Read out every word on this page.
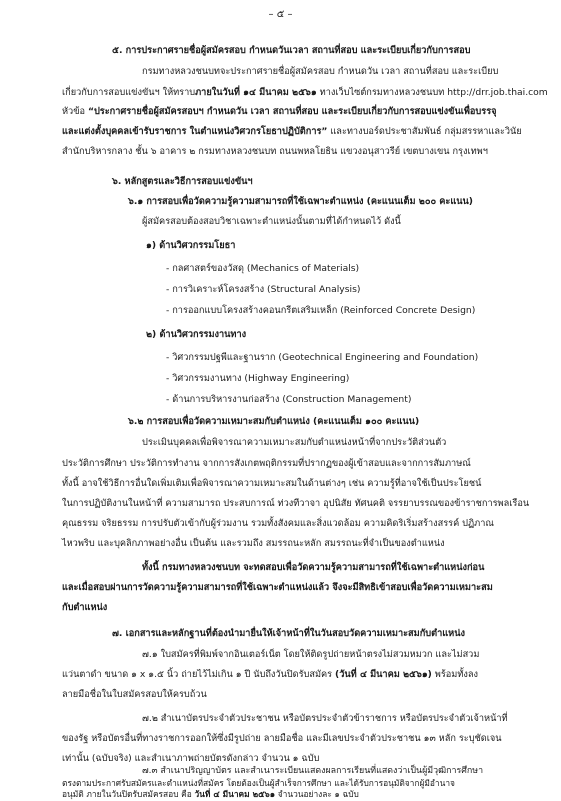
– ๕ –
๕. การประกาศรายชื่อผู้สมัครสอบ กำหนดวันเวลา สถานที่สอบ และระเบียบเกี่ยวกับการสอบ
กรมทางหลวงชนบทจะประกาศรายชื่อผู้สมัครสอบ กำหนดวัน เวลา สถานที่สอบ และระเบียบ
เกี่ยวกับการสอบแข่งขันฯ ให้ทราบภายในวันที่ ๑๔ มีนาคม ๒๕๖๑ ทางเว็บไซต์กรมทางหลวงชนบท http://drr.job.thai.com
หัวข้อ “ประกาศรายชื่อผู้สมัครสอบฯ กำหนดวัน เวลา สถานที่สอบ และระเบียบเกี่ยวกับการสอบแข่งขันเพื่อบรรจุ
และแต่งตั้งบุคคลเข้ารับราชการ ในตำแหน่งวิศวกรโยธาปฏิบัติการ” และทางบอร์ดประชาสัมพันธ์ กลุ่มสรรหาและวินัย
สำนักบริหารกลาง ชั้น ๖ อาคาร ๒ กรมทางหลวงชนบท ถนนพหลโยธิน แขวงอนุสาวรีย์ เขตบางเขน กรุงเทพฯ
๖. หลักสูตรและวิธีการสอบแข่งขันฯ
๖.๑ การสอบเพื่อวัดความรู้ความสามารถที่ใช้เฉพาะตำแหน่ง (คะแนนเต็ม ๒๐๐ คะแนน)
ผู้สมัครสอบต้องสอบวิชาเฉพาะตำแหน่งนั้นตามที่ได้กำหนดไว้ ดังนี้
๑) ด้านวิศวกรรมโยธา
- กลศาสตร์ของวัสดุ (Mechanics of Materials)
- การวิเคราะห์โครงสร้าง (Structural Analysis)
- การออกแบบโครงสร้างคอนกรีตเสริมเหล็ก (Reinforced Concrete Design)
๒) ด้านวิศวกรรมงานทาง
- วิศวกรรมปฐพีและฐานราก (Geotechnical Engineering and Foundation)
- วิศวกรรมงานทาง (Highway Engineering)
- ด้านการบริหารงานก่อสร้าง (Construction Management)
๖.๒ การสอบเพื่อวัดความเหมาะสมกับตำแหน่ง (คะแนนเต็ม ๑๐๐ คะแนน)
ประเมินบุคคลเพื่อพิจารณาความเหมาะสมกับตำแหน่งหน้าที่จากประวัติส่วนตัว
ประวัติการศึกษา ประวัติการทำงาน จากการสังเกตพฤติกรรมที่ปรากฏของผู้เข้าสอบและจากการสัมภาษณ์
ทั้งนี้ อาจใช้วิธีการอื่นใดเพิ่มเติมเพื่อพิจารณาความเหมาะสมในด้านต่างๆ เช่น ความรู้ที่อาจใช้เป็นประโยชน์
ในการปฏิบัติงานในหน้าที่ ความสามารถ ประสบการณ์ ท่วงทีวาจา อุปนิสัย ทัศนคติ จรรยาบรรณของข้าราชการพลเรือน
คุณธรรม จริยธรรม การปรับตัวเข้ากับผู้ร่วมงาน รวมทั้งสังคมและสิ่งแวดล้อม ความคิดริเริ่มสร้างสรรค์ ปฏิภาณ
ไหวพริบ และบุคลิกภาพอย่างอื่น เป็นต้น และรวมถึง สมรรถนะหลัก สมรรถนะที่จำเป็นของตำแหน่ง
ทั้งนี้ กรมทางหลวงชนบท จะทดสอบเพื่อวัดความรู้ความสามารถที่ใช้เฉพาะตำแหน่งก่อน
และเมื่อสอบผ่านการวัดความรู้ความสามารถที่ใช้เฉพาะตำแหน่งแล้ว จึงจะมีสิทธิเข้าสอบเพื่อวัดความเหมาะสม
กับตำแหน่ง
๗. เอกสารและหลักฐานที่ต้องนำมายื่นให้เจ้าหน้าที่ในวันสอบวัดความเหมาะสมกับตำแหน่ง
๗.๑ ใบสมัครที่พิมพ์จากอินเตอร์เน็ต โดยให้ติดรูปถ่ายหน้าตรงไม่สวมหมวก และไม่สวม
แว่นตาดำ ขนาด ๑ x ๑.๕ นิ้ว ถ่ายไว้ไม่เกิน ๑ ปี นับถึงวันปิดรับสมัคร (วันที่ ๔ มีนาคม ๒๕๖๑) พร้อมทั้งลง
ลายมือชื่อในใบสมัครสอบให้ครบถ้วน
๗.๒ สำเนาบัตรประจำตัวประชาชน หรือบัตรประจำตัวข้าราชการ หรือบัตรประจำตัวเจ้าหน้าที่
ของรัฐ หรือบัตรอื่นที่ทางราชการออกให้ซึ่งมีรูปถ่าย ลายมือชื่อ และมีเลขประจำตัวประชาชน ๑๓ หลัก ระบุชัดเจน
เท่านั้น (ฉบับจริง) และสำเนาภาพถ่ายบัตรดังกล่าว จำนวน ๑ ฉบับ
๗.๓ สำเนาปริญญาบัตร และสำเนาระเบียนแสดงผลการเรียนที่แสดงว่าเป็นผู้มีวุฒิการศึกษา
ตรงตามประกาศรับสมัครและตำแหน่งที่สมัคร โดยต้องเป็นผู้สำเร็จการศึกษา และได้รับการอนุมัติจากผู้มีอำนาจ
อนุมัติ ภายในวันปิดรับสมัครสอบ คือ วันที่ ๔ มีนาคม ๒๕๖๑ จำนวนอย่างละ ๑ ฉบับ
